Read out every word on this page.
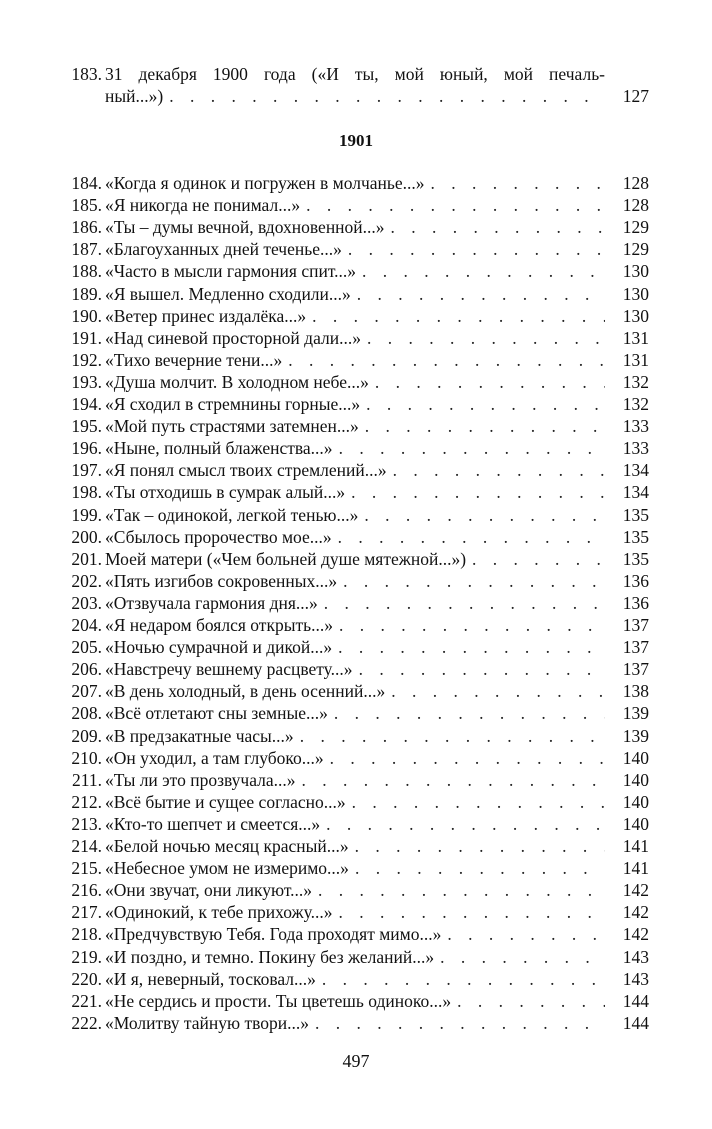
183. 31 декабря 1900 года («И ты, мой юный, мой печаль-
ный...») . . .	127
1901
184. «Когда я одинок и погружен в молчанье...» . . .	128
185. «Я никогда не понимал...» . . .	128
186. «Ты – думы вечной, вдохновенной...» . . .	129
187. «Благоуханных дней теченье...» . . .	129
188. «Часто в мысли гармония спит...» . . .	130
189. «Я вышел. Медленно сходили...» . . .	130
190. «Ветер принес издалёка...» . . .	130
191. «Над синевой просторной дали...» . . .	131
192. «Тихо вечерние тени...» . . .	131
193. «Душа молчит. В холодном небе...» . . .	132
194. «Я сходил в стремнины горные...» . . .	132
195. «Мой путь страстями затемнен...» . . .	133
196. «Ныне, полный блаженства...» . . .	133
197. «Я понял смысл твоих стремлений...» . . .	134
198. «Ты отходишь в сумрак алый...» . . .	134
199. «Так – одинокой, легкой тенью...» . . .	135
200. «Сбылось пророчество мое...» . . .	135
201. Моей матери («Чем больней душе мятежной...») . . .	135
202. «Пять изгибов сокровенных...» . . .	136
203. «Отзвучала гармония дня...» . . .	136
204. «Я недаром боялся открыть...» . . .	137
205. «Ночью сумрачной и дикой...» . . .	137
206. «Навстречу вешнему расцвету...» . . .	137
207. «В день холодный, в день осенний...» . . .	138
208. «Всё отлетают сны земные...» . . .	139
209. «В предзакатные часы...» . . .	139
210. «Он уходил, а там глубоко...» . . .	140
211. «Ты ли это прозвучала...» . . .	140
212. «Всё бытие и сущее согласно...» . . .	140
213. «Кто-то шепчет и смеется...» . . .	140
214. «Белой ночью месяц красный...» . . .	141
215. «Небесное умом не измеримо...» . . .	141
216. «Они звучат, они ликуют...» . . .	142
217. «Одинокий, к тебе прихожу...» . . .	142
218. «Предчувствую Тебя. Года проходят мимо...» . . .	142
219. «И поздно, и темно. Покину без желаний...» . . .	143
220. «И я, неверный, тосковал...» . . .	143
221. «Не сердись и прости. Ты цветешь одиноко...» . . .	144
222. «Молитву тайную твори...» . . .	144
497
